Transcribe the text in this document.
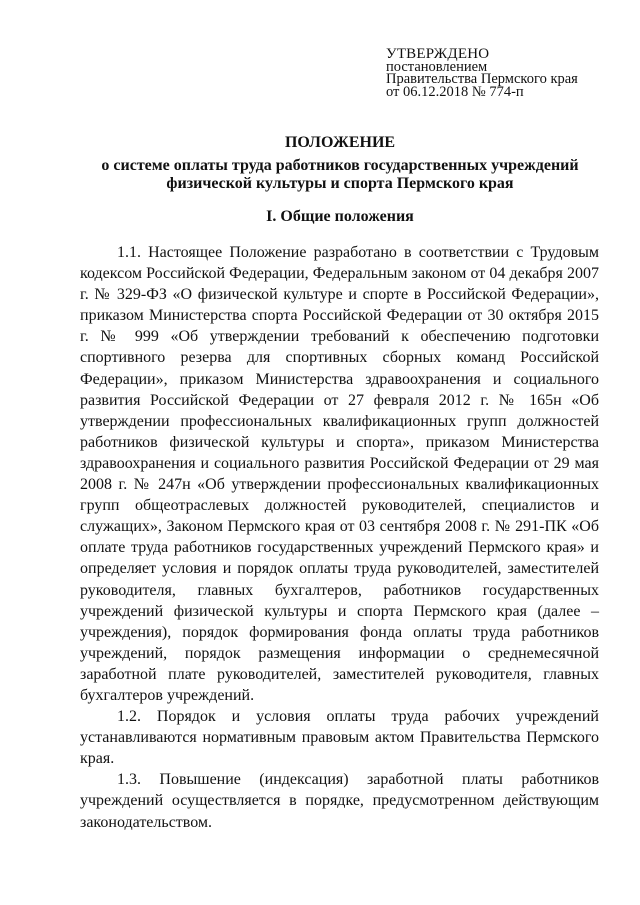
УТВЕРЖДЕНО
постановлением
Правительства Пермского края
от 06.12.2018 № 774-п
ПОЛОЖЕНИЕ
о системе оплаты труда работников государственных учреждений физической культуры и спорта Пермского края
I. Общие положения

1.1. Настоящее Положение разработано в соответствии с Трудовым кодексом Российской Федерации, Федеральным законом от 04 декабря 2007 г. № 329-ФЗ «О физической культуре и спорте в Российской Федерации», приказом Министерства спорта Российской Федерации от 30 октября 2015 г. № 999 «Об утверждении требований к обеспечению подготовки спортивного резерва для спортивных сборных команд Российской Федерации», приказом Министерства здравоохранения и социального развития Российской Федерации от 27 февраля 2012 г. № 165н «Об утверждении профессиональных квалификационных групп должностей работников физической культуры и спорта», приказом Министерства здравоохранения и социального развития Российской Федерации от 29 мая 2008 г. № 247н «Об утверждении профессиональных квалификационных групп общеотраслевых должностей руководителей, специалистов и служащих», Законом Пермского края от 03 сентября 2008 г. № 291-ПК «Об оплате труда работников государственных учреждений Пермского края» и определяет условия и порядок оплаты труда руководителей, заместителей руководителя, главных бухгалтеров, работников государственных учреждений физической культуры и спорта Пермского края (далее – учреждения), порядок формирования фонда оплаты труда работников учреждений, порядок размещения информации о среднемесячной заработной плате руководителей, заместителей руководителя, главных бухгалтеров учреждений.

1.2. Порядок и условия оплаты труда рабочих учреждений устанавливаются нормативным правовым актом Правительства Пермского края.

1.3. Повышение (индексация) заработной платы работников учреждений осуществляется в порядке, предусмотренном действующим законодательством.
